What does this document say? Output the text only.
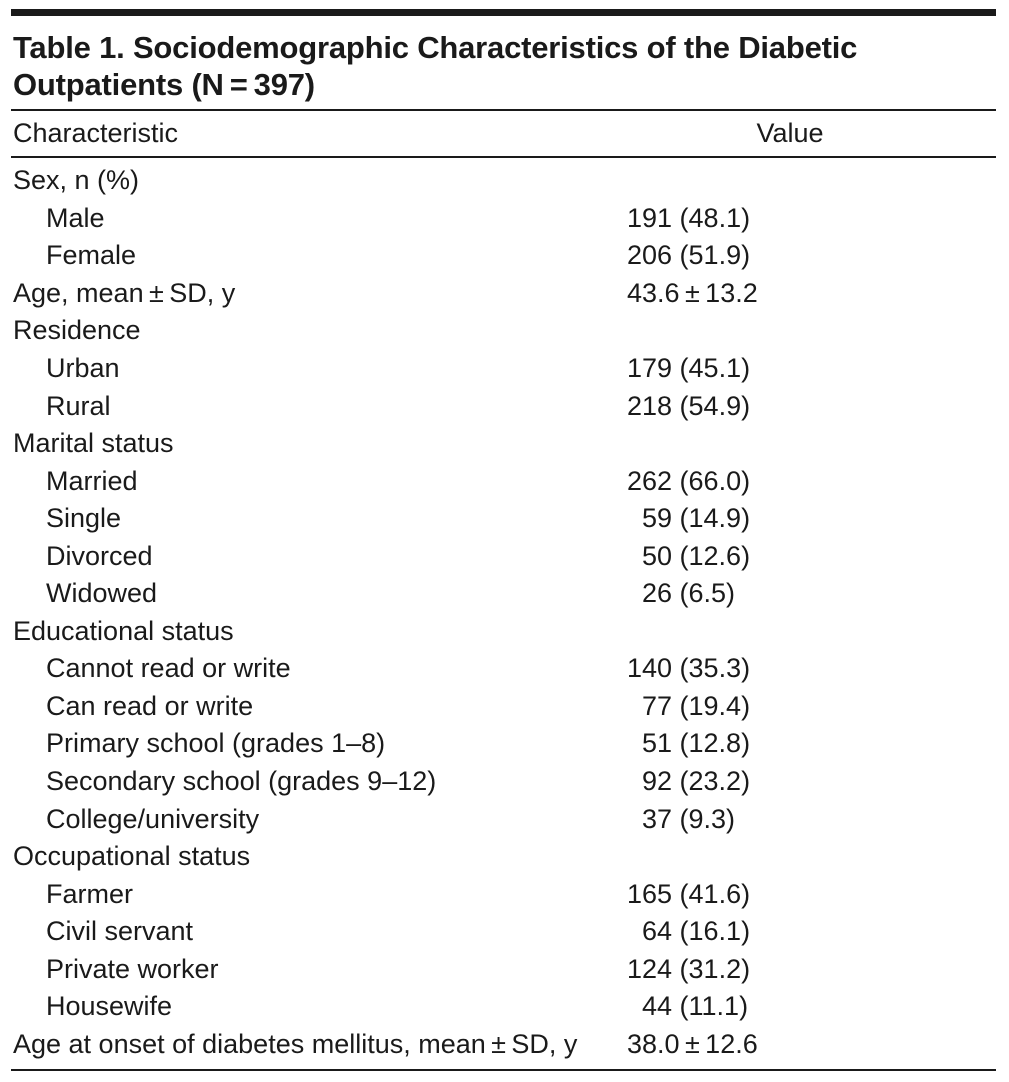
Table 1. Sociodemographic Characteristics of the Diabetic
Outpatients (N = 397)
Characteristic	Value
Sex, n (%)
Male	191 (48.1)
Female	206 (51.9)
Age, mean ± SD, y	43.6 ± 13.2
Residence
Urban	179 (45.1)
Rural	218 (54.9)
Marital status
Married	262 (66.0)
Single	59 (14.9)
Divorced	50 (12.6)
Widowed	26 (6.5)
Educational status
Cannot read or write	140 (35.3)
Can read or write	77 (19.4)
Primary school (grades 1–8)	51 (12.8)
Secondary school (grades 9–12)	92 (23.2)
College/university	37 (9.3)
Occupational status
Farmer	165 (41.6)
Civil servant	64 (16.1)
Private worker	124 (31.2)
Housewife	44 (11.1)
Age at onset of diabetes mellitus, mean ± SD, y	38.0 ± 12.6
